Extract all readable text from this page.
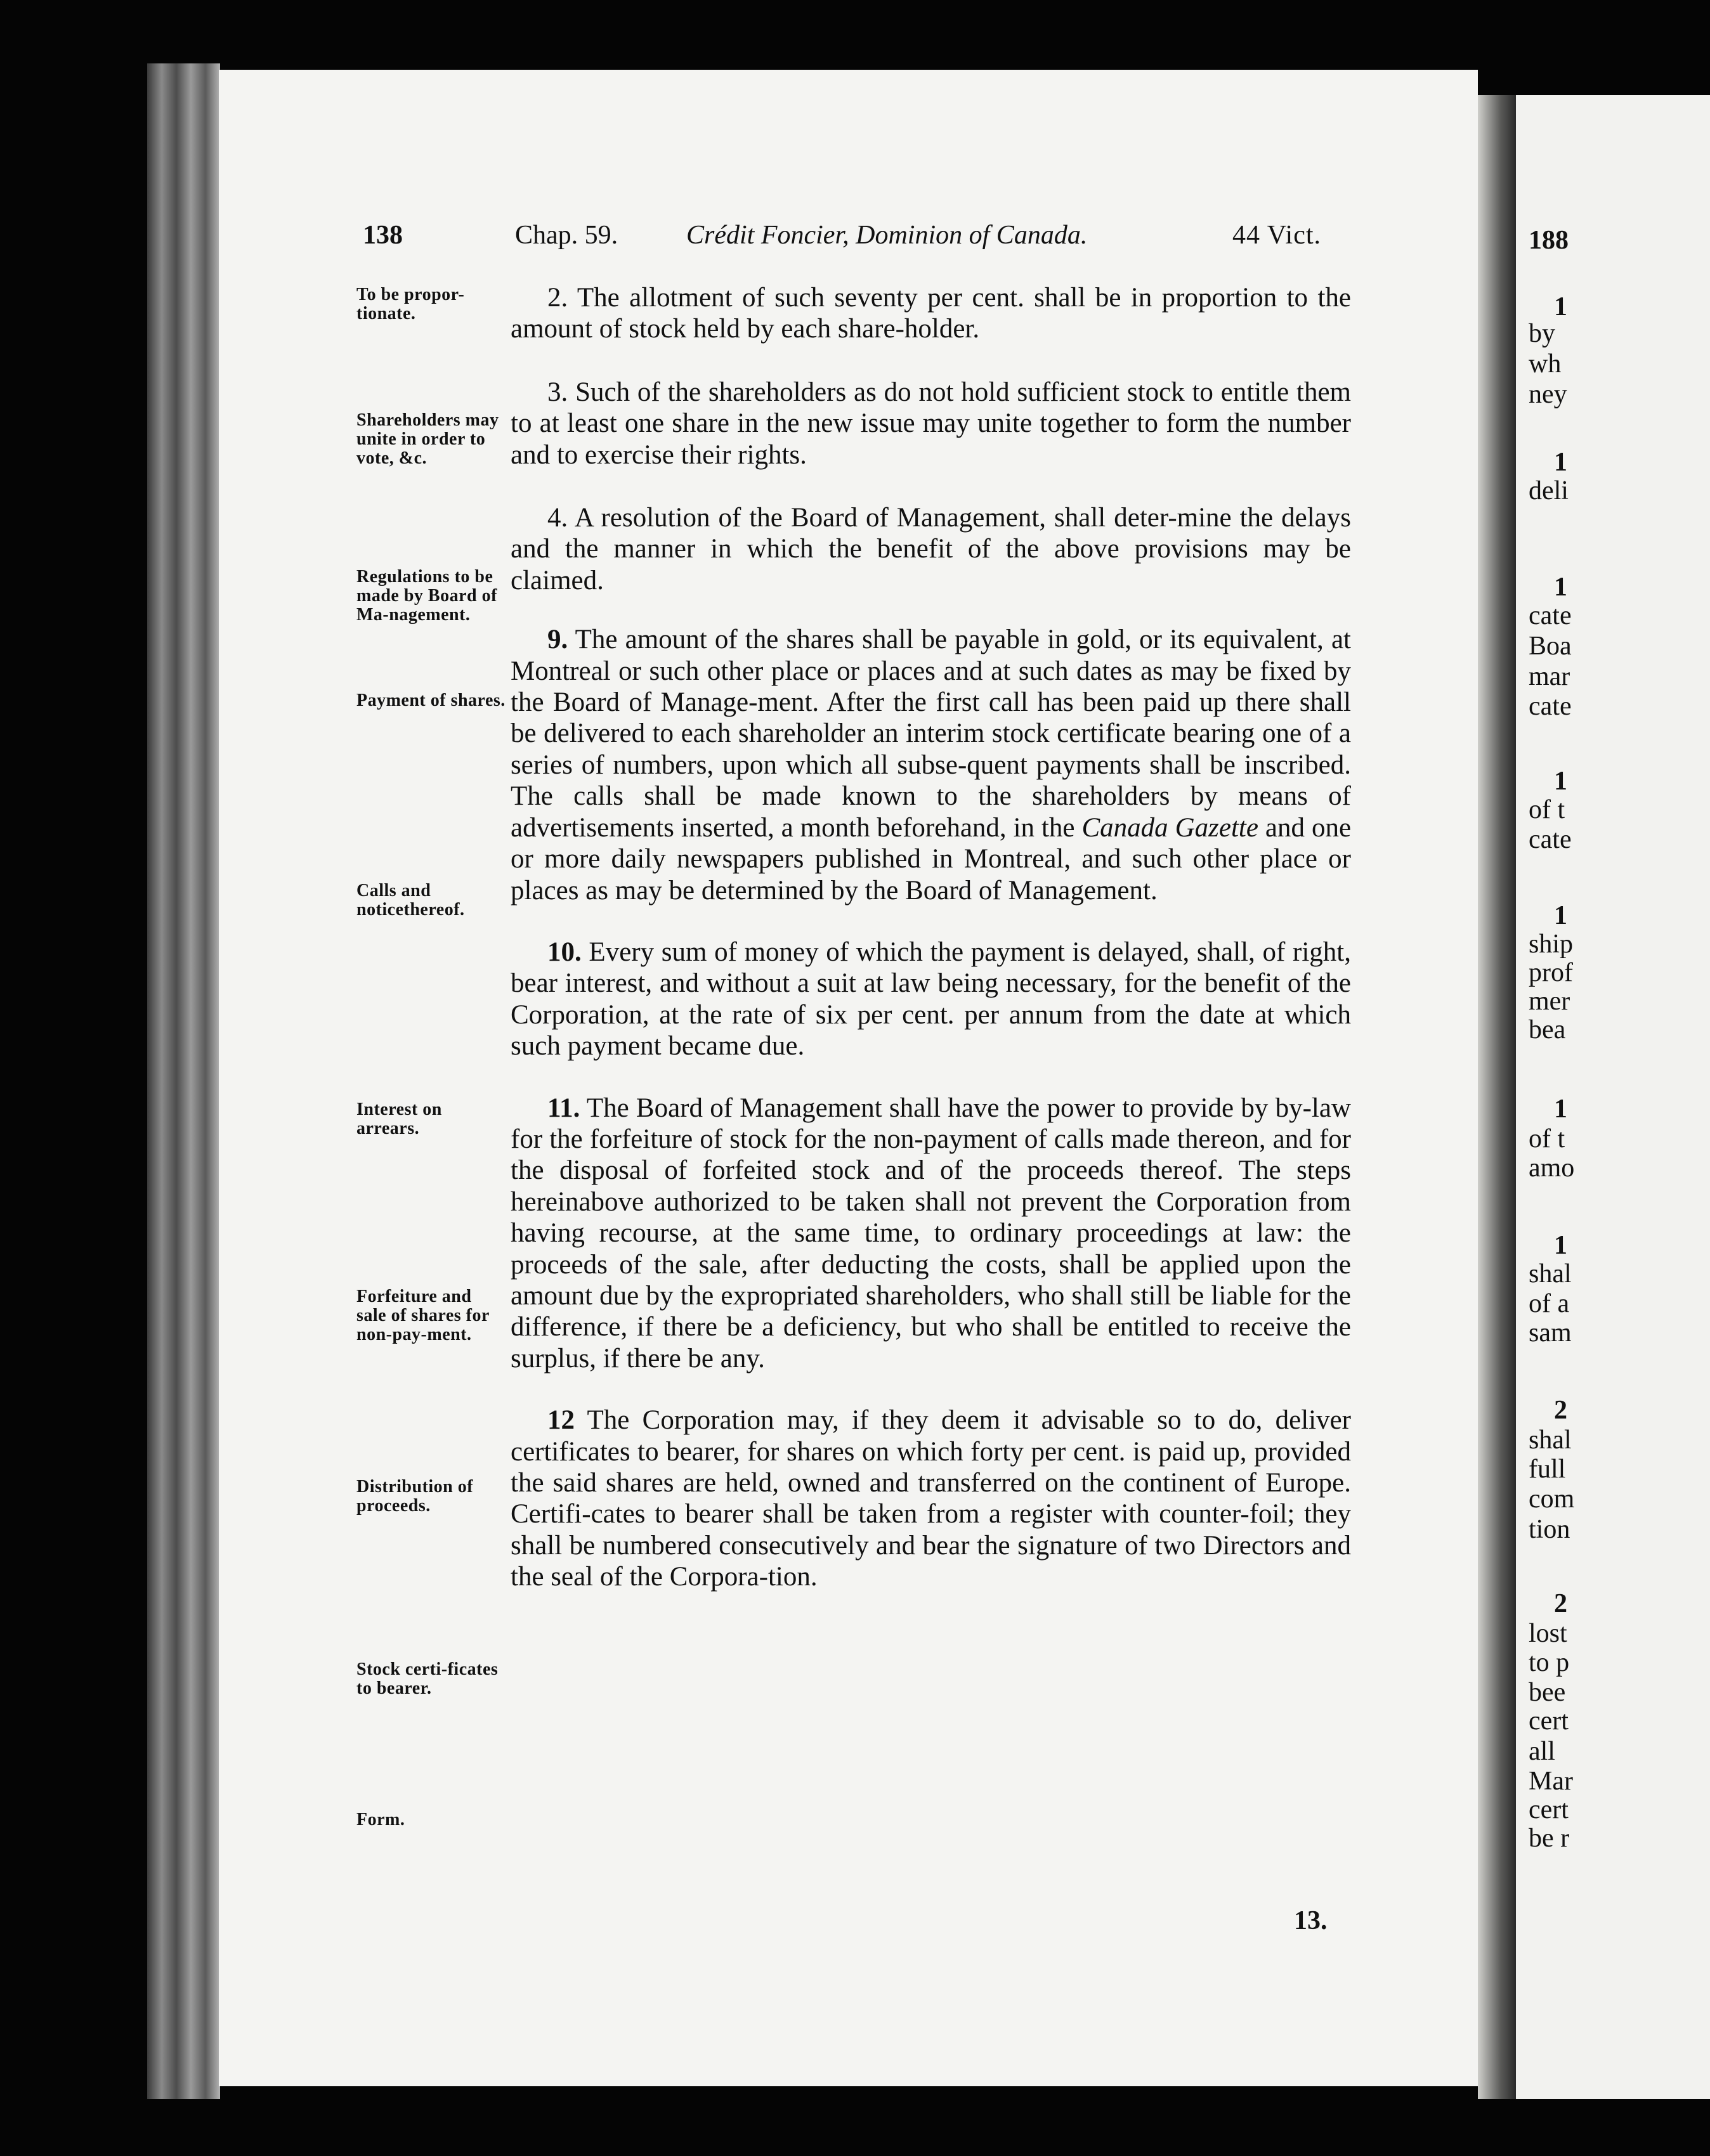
138	Chap. 59.	Crédit Foncier, Dominion of Canada.	44 Vict.
To be propor-tionate.
Shareholders may unite in order to vote, &c.
Regulations to be made by Board of Ma-nagement.
Payment of shares.
Calls and noticethereof.
Interest on arrears.
Forfeiture and sale of shares for non-pay-ment.
Distribution of proceeds.
Stock certi-ficates to bearer.
Form.

2. The allotment of such seventy per cent. shall be in proportion to the amount of stock held by each share-holder.

3. Such of the shareholders as do not hold sufficient stock to entitle them to at least one share in the new issue may unite together to form the number and to exercise their rights.

4. A resolution of the Board of Management, shall deter-mine the delays and the manner in which the benefit of the above provisions may be claimed.

9. The amount of the shares shall be payable in gold, or its equivalent, at Montreal or such other place or places and at such dates as may be fixed by the Board of Manage-ment. After the first call has been paid up there shall be delivered to each shareholder an interim stock certificate bearing one of a series of numbers, upon which all subse-quent payments shall be inscribed. The calls shall be made known to the shareholders by means of advertisements inserted, a month beforehand, in the Canada Gazette and one or more daily newspapers published in Montreal, and such other place or places as may be determined by the Board of Management.

10. Every sum of money of which the payment is delayed, shall, of right, bear interest, and without a suit at law being necessary, for the benefit of the Corporation, at the rate of six per cent. per annum from the date at which such payment became due.

11. The Board of Management shall have the power to provide by by-law for the forfeiture of stock for the non-payment of calls made thereon, and for the disposal of forfeited stock and of the proceeds thereof. The steps hereinabove authorized to be taken shall not prevent the Corporation from having recourse, at the same time, to ordinary proceedings at law: the proceeds of the sale, after deducting the costs, shall be applied upon the amount due by the expropriated shareholders, who shall still be liable for the difference, if there be a deficiency, but who shall be entitled to receive the surplus, if there be any.

12 The Corporation may, if they deem it advisable so to do, deliver certificates to bearer, for shares on which forty per cent. is paid up, provided the said shares are held, owned and transferred on the continent of Europe. Certifi-cates to bearer shall be taken from a register with counter-foil; they shall be numbered consecutively and bear the signature of two Directors and the seal of the Corpora-tion.

13.
188
1
by
wh
ney
1
deli
1
cate
Boa
mar
cate
1
of t
cate
1
ship
prof
mer
bea
1
of t
amo
1
shal
of a
sam
2
shal
full
com
tion
2
lost
to p
bee
cert
all
Mar
cert
be r
